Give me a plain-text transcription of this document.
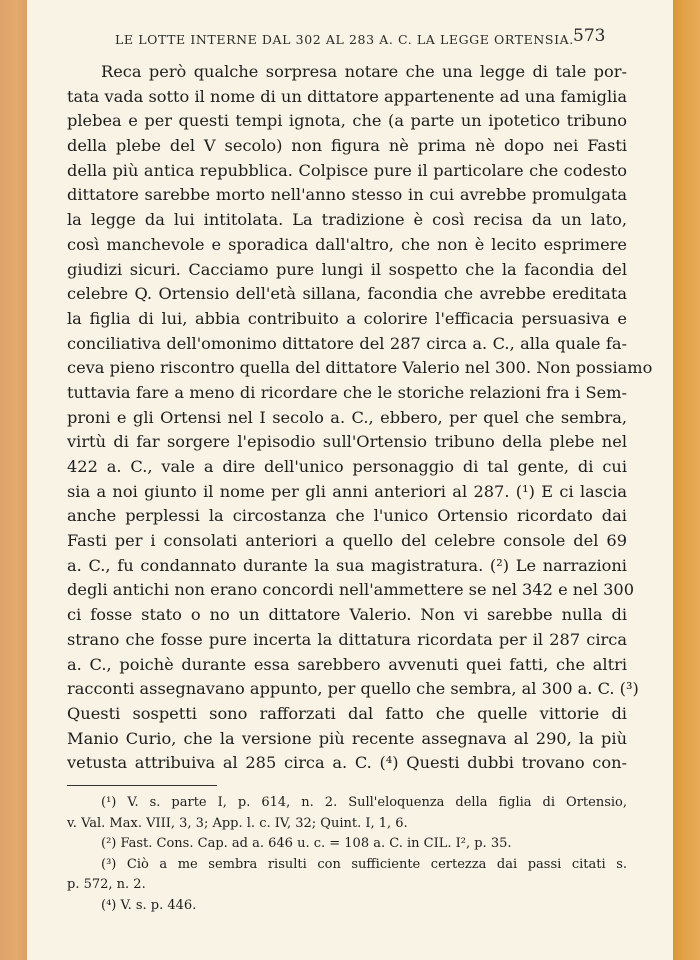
LE LOTTE INTERNE DAL 302 AL 283 A. C. LA LEGGE ORTENSIA. 573
Reca però qualche sorpresa notare che una legge di tale por-
tata vada sotto il nome di un dittatore appartenente ad una famiglia
plebea e per questi tempi ignota, che (a parte un ipotetico tribuno
della plebe del V secolo) non figura nè prima nè dopo nei Fasti
della più antica repubblica. Colpisce pure il particolare che codesto
dittatore sarebbe morto nell'anno stesso in cui avrebbe promulgata
la legge da lui intitolata. La tradizione è così recisa da un lato,
così manchevole e sporadica dall'altro, che non è lecito esprimere
giudizi sicuri. Cacciamo pure lungi il sospetto che la facondia del
celebre Q. Ortensio dell'età sillana, facondia che avrebbe ereditata
la figlia di lui, abbia contribuito a colorire l'efficacia persuasiva e
conciliativa dell'omonimo dittatore del 287 circa a. C., alla quale fa-
ceva pieno riscontro quella del dittatore Valerio nel 300. Non possiamo
tuttavia fare a meno di ricordare che le storiche relazioni fra i Sem-
proni e gli Ortensi nel I secolo a. C., ebbero, per quel che sembra,
virtù di far sorgere l'episodio sull'Ortensio tribuno della plebe nel
422 a. C., vale a dire dell'unico personaggio di tal gente, di cui
sia a noi giunto il nome per gli anni anteriori al 287. (¹) E ci lascia
anche perplessi la circostanza che l'unico Ortensio ricordato dai
Fasti per i consolati anteriori a quello del celebre console del 69
a. C., fu condannato durante la sua magistratura. (²) Le narrazioni
degli antichi non erano concordi nell'ammettere se nel 342 e nel 300
ci fosse stato o no un dittatore Valerio. Non vi sarebbe nulla di
strano che fosse pure incerta la dittatura ricordata per il 287 circa
a. C., poichè durante essa sarebbero avvenuti quei fatti, che altri
racconti assegnavano appunto, per quello che sembra, al 300 a. C. (³)
Questi sospetti sono rafforzati dal fatto che quelle vittorie di
Manio Curio, che la versione più recente assegnava al 290, la più
vetusta attribuiva al 285 circa a. C. (⁴) Questi dubbi trovano con-
(¹) V. s. parte I, p. 614, n. 2. Sull'eloquenza della figlia di Ortensio,
v. Val. Max. VIII, 3, 3; App. l. c. IV, 32; Quint. I, 1, 6.
(²) Fast. Cons. Cap. ad a. 646 u. c. = 108 a. C. in CIL. I², p. 35.
(³) Ciò a me sembra risulti con sufficiente certezza dai passi citati s.
p. 572, n. 2.
(⁴) V. s. p. 446.
